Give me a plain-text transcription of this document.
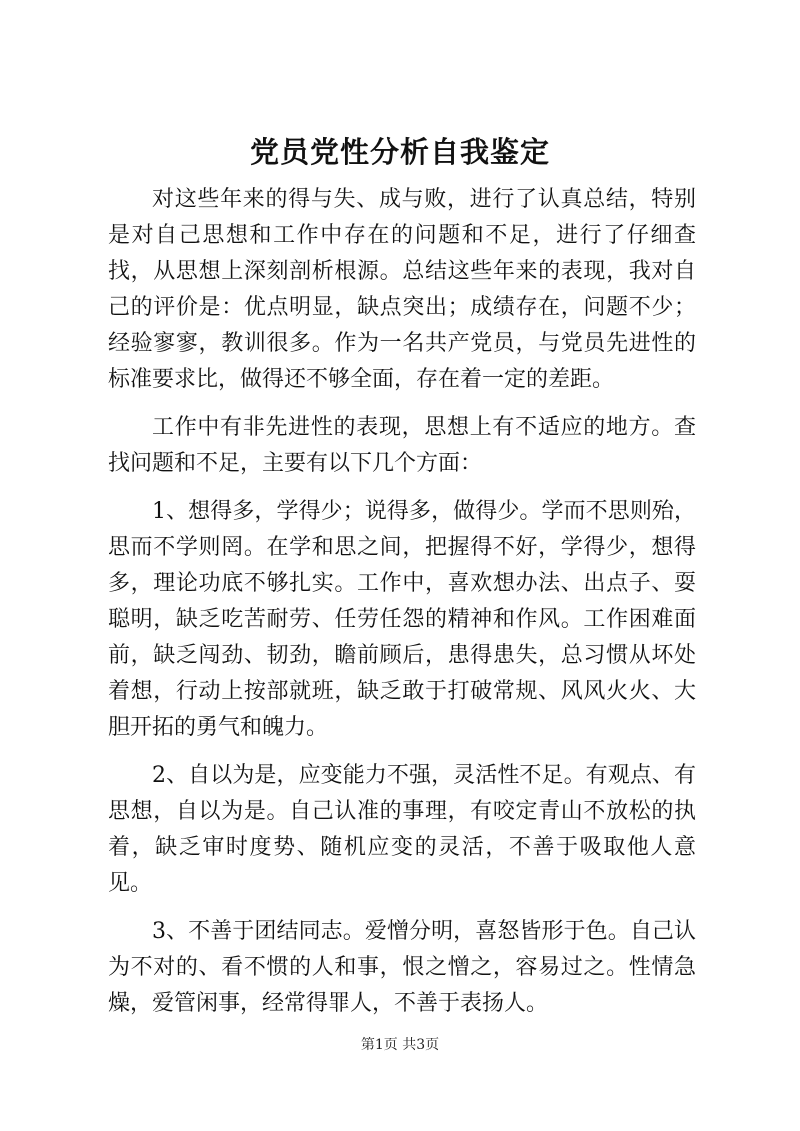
党员党性分析自我鉴定

对这些年来的得与失、成与败，进行了认真总结，特别是对自己思想和工作中存在的问题和不足，进行了仔细查找，从思想上深刻剖析根源。总结这些年来的表现，我对自己的评价是：优点明显，缺点突出；成绩存在，问题不少；经验寥寥，教训很多。作为一名共产党员，与党员先进性的标准要求比，做得还不够全面，存在着一定的差距。

工作中有非先进性的表现，思想上有不适应的地方。查找问题和不足，主要有以下几个方面：

1、想得多，学得少；说得多，做得少。学而不思则殆，思而不学则罔。在学和思之间，把握得不好，学得少，想得多，理论功底不够扎实。工作中，喜欢想办法、出点子、耍聪明，缺乏吃苦耐劳、任劳任怨的精神和作风。工作困难面前，缺乏闯劲、韧劲，瞻前顾后，患得患失，总习惯从坏处着想，行动上按部就班，缺乏敢于打破常规、风风火火、大胆开拓的勇气和魄力。

2、自以为是，应变能力不强，灵活性不足。有观点、有思想，自以为是。自己认准的事理，有咬定青山不放松的执着，缺乏审时度势、随机应变的灵活，不善于吸取他人意见。

3、不善于团结同志。爱憎分明，喜怒皆形于色。自己认为不对的、看不惯的人和事，恨之憎之，容易过之。性情急燥，爱管闲事，经常得罪人，不善于表扬人。

第1页 共3页
